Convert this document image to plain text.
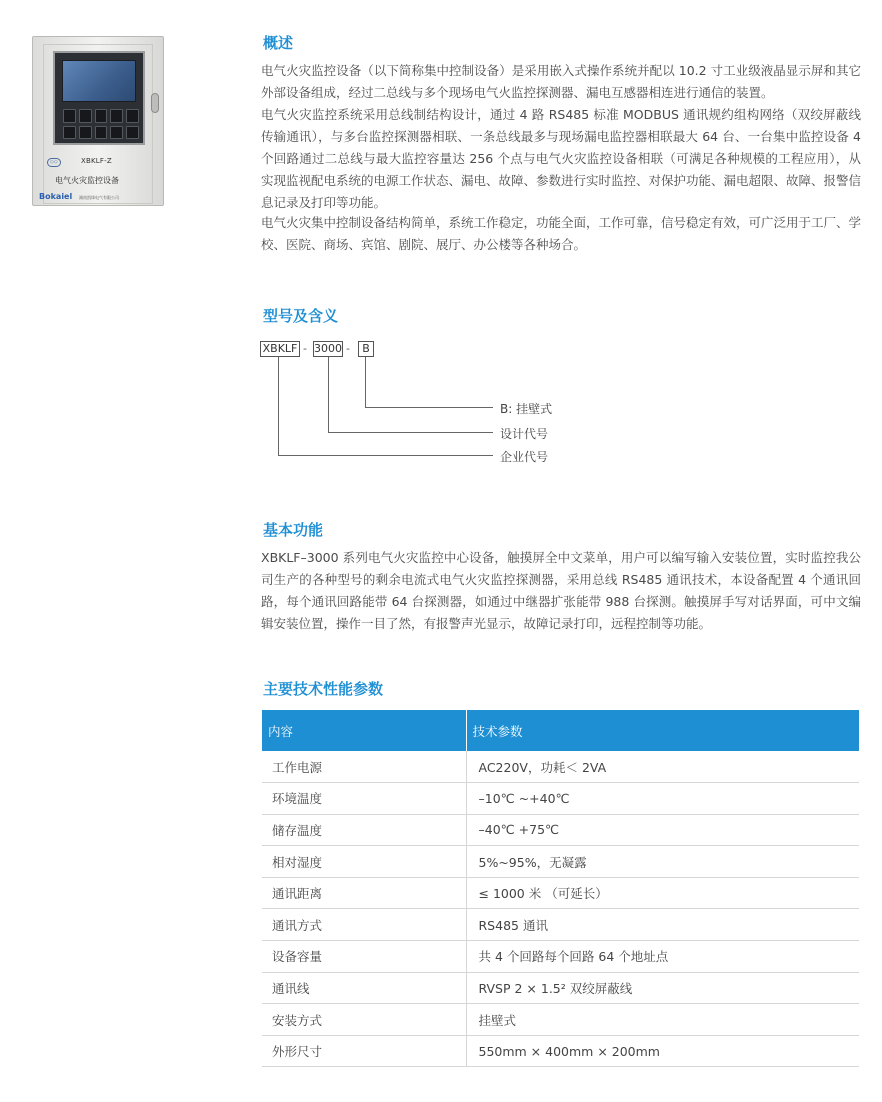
◇◇	XBKLF-Z
电气火灾监控设备
Bokaiel 湖南凯烽电气有限公司
概述
电气火灾监控设备（以下简称集中控制设备）是采用嵌入式操作系统并配以 10.2 寸工业级液晶显示屏和其它外部设备组成，经过二总线与多个现场电气火监控探测器、漏电互感器相连进行通信的装置。
电气火灾监控系统采用总线制结构设计，通过 4 路 RS485 标准 MODBUS 通讯规约组构网络（双绞屏蔽线传输通讯），与多台监控探测器相联、一条总线最多与现场漏电监控器相联最大 64 台、一台集中监控设备 4 个回路通过二总线与最大监控容量达 256 个点与电气火灾监控设备相联（可满足各种规模的工程应用），从实现监视配电系统的电源工作状态、漏电、故障、参数进行实时监控、对保护功能、漏电超限、故障、报警信息记录及打印等功能。
电气火灾集中控制设备结构简单，系统工作稳定，功能全面，工作可靠，信号稳定有效，可广泛用于工厂、学校、医院、商场、宾馆、剧院、展厅、办公楼等各种场合。
型号及含义
XBKLF - 3000 -	B
B: 挂壁式
设计代号
企业代号
基本功能
XBKLF–3000 系列电气火灾监控中心设备，触摸屏全中文菜单，用户可以编写输入安装位置，实时监控我公司生产的各种型号的剩余电流式电气火灾监控探测器，采用总线 RS485 通讯技术，本设备配置 4 个通讯回路，每个通讯回路能带 64 台探测器，如通过中继器扩张能带 988 台探测。触摸屏手写对话界面，可中文编辑安装位置，操作一目了然，有报警声光显示，故障记录打印，远程控制等功能。
主要技术性能参数
内容	技术参数
工作电源	AC220V，功耗＜ 2VA
环境温度	–10℃ ~+40℃
储存温度	–40℃ +75℃
相对湿度	5%~95%，无凝露
通讯距离	≤ 1000 米 （可延长）
通讯方式	RS485 通讯
设备容量	共 4 个回路每个回路 64 个地址点
通讯线	RVSP 2 × 1.5² 双绞屏蔽线
安装方式	挂壁式
外形尺寸	550mm × 400mm × 200mm
